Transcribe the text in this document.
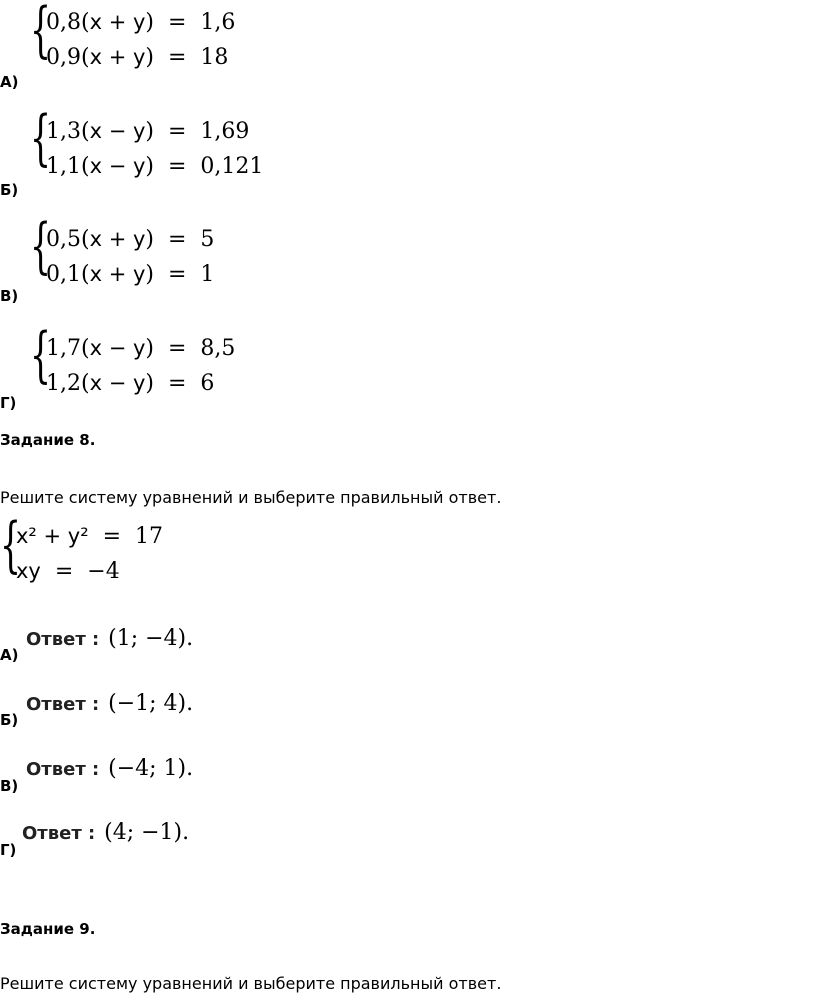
{
0,8(x + y)  =  1,6
0,9(x + y)  =  18
А)
{
1,3(x − y)  =  1,69
1,1(x − y)  =  0,121
Б)
{
0,5(x + y)  =  5
0,1(x + y)  =  1
В)
{
1,7(x − y)  =  8,5
1,2(x − y)  =  6
Г)
Задание 8.
Решите систему уравнений и выберите правильный ответ.
{
x² + y²  =  17
xy  =  −4
Ответ : (1; −4).
А)
Ответ : (−1; 4).
Б)
Ответ : (−4; 1).
В)
Ответ : (4; −1).
Г)
Задание 9.
Решите систему уравнений и выберите правильный ответ.
